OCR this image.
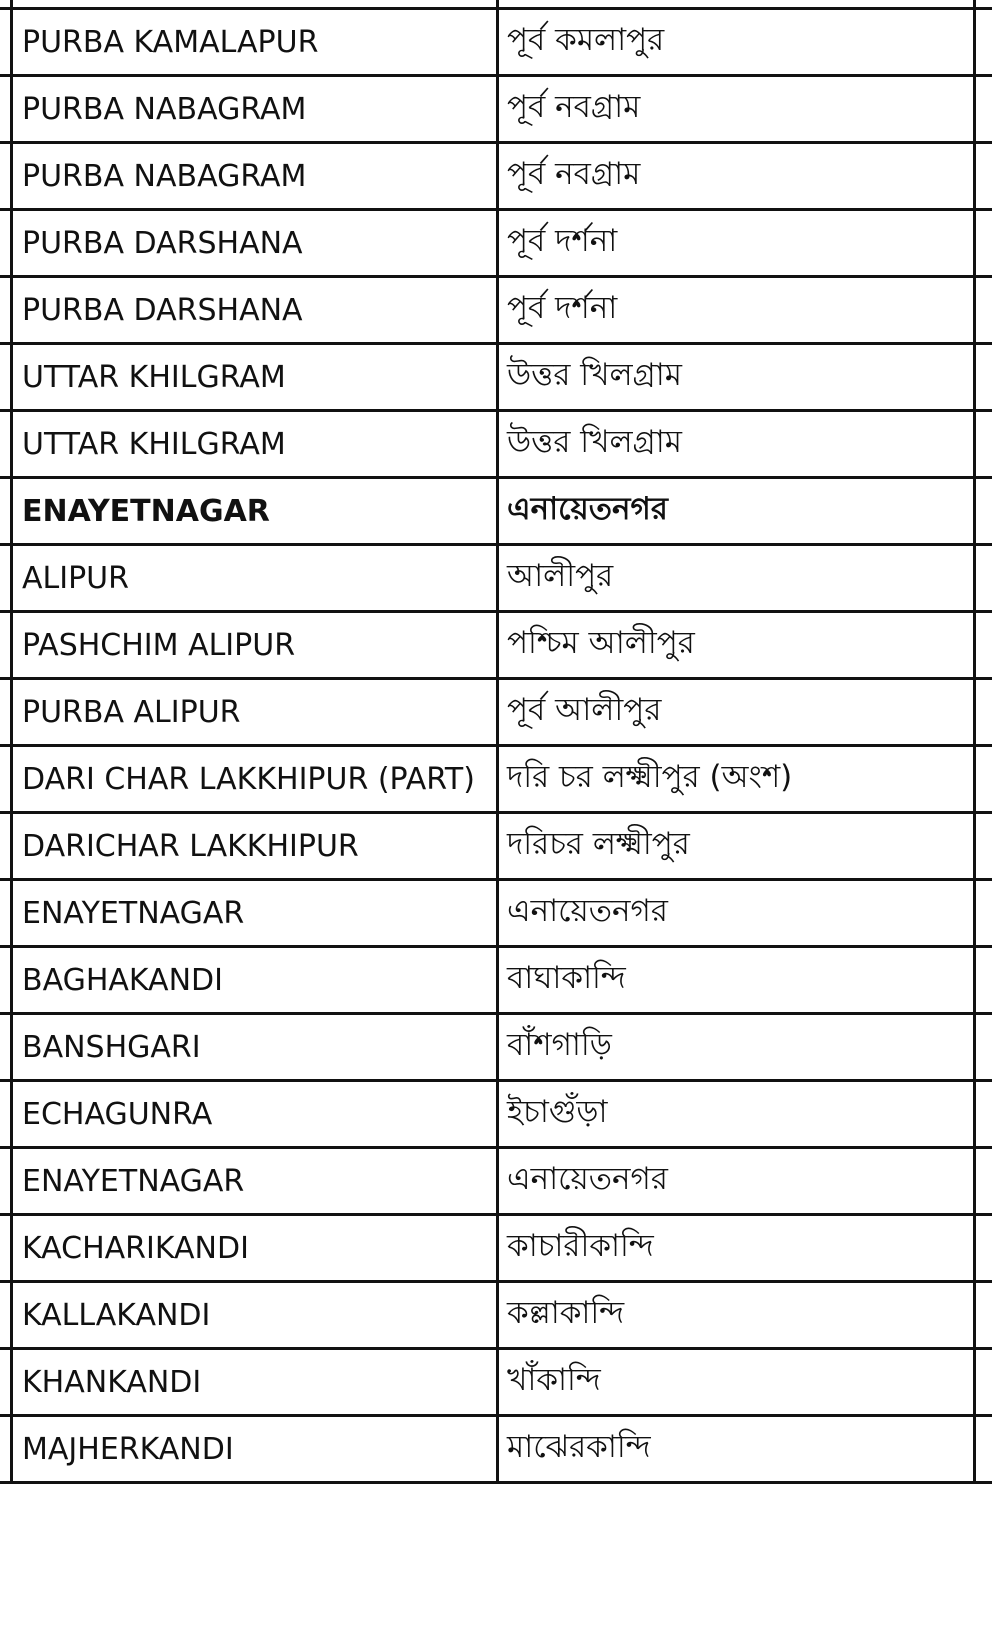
PURBA KAMALAPUR	পূর্ব কমলাপুর
PURBA NABAGRAM	পূর্ব নবগ্রাম
PURBA NABAGRAM	পূর্ব নবগ্রাম
PURBA DARSHANA	পূর্ব দর্শনা
PURBA DARSHANA	পূর্ব দর্শনা
UTTAR KHILGRAM	উত্তর খিলগ্রাম
UTTAR KHILGRAM	উত্তর খিলগ্রাম
ENAYETNAGAR	এনায়েতনগর
ALIPUR	আলীপুর
PASHCHIM ALIPUR	পশ্চিম আলীপুর
PURBA ALIPUR	পূর্ব আলীপুর
DARI CHAR LAKKHIPUR (PART)	দরি চর লক্ষ্মীপুর (অংশ)
DARICHAR LAKKHIPUR	দরিচর লক্ষ্মীপুর
ENAYETNAGAR	এনায়েতনগর
BAGHAKANDI	বাঘাকান্দি
BANSHGARI	বাঁশগাড়ি
ECHAGUNRA	ইচাগুঁড়া
ENAYETNAGAR	এনায়েতনগর
KACHARIKANDI	কাচারীকান্দি
KALLAKANDI	কল্লাকান্দি
KHANKANDI	খাঁকান্দি
MAJHERKANDI	মাঝেরকান্দি
